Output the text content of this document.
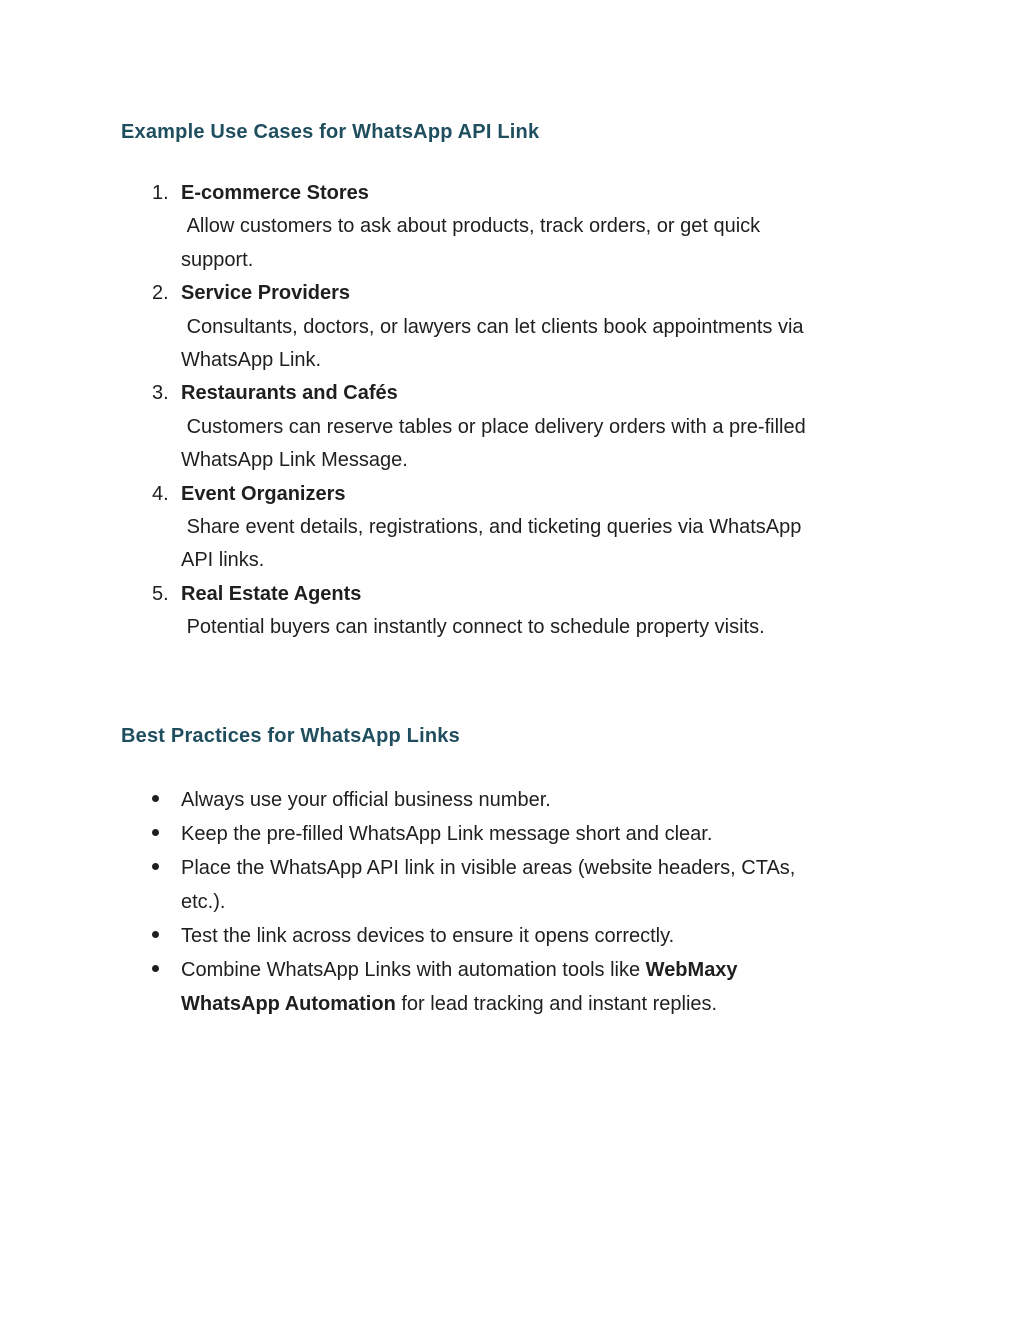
Example Use Cases for WhatsApp API Link
1. E-commerce Stores
Allow customers to ask about products, track orders, or get quick
support.
2. Service Providers
Consultants, doctors, or lawyers can let clients book appointments via
WhatsApp Link.
3. Restaurants and Cafés
Customers can reserve tables or place delivery orders with a pre-filled
WhatsApp Link Message.
4. Event Organizers
Share event details, registrations, and ticketing queries via WhatsApp
API links.
5. Real Estate Agents
Potential buyers can instantly connect to schedule property visits.
Best Practices for WhatsApp Links
Always use your official business number.
Keep the pre-filled WhatsApp Link message short and clear.
Place the WhatsApp API link in visible areas (website headers, CTAs,
etc.).
Test the link across devices to ensure it opens correctly.
Combine WhatsApp Links with automation tools like WebMaxy
WhatsApp Automation for lead tracking and instant replies.
